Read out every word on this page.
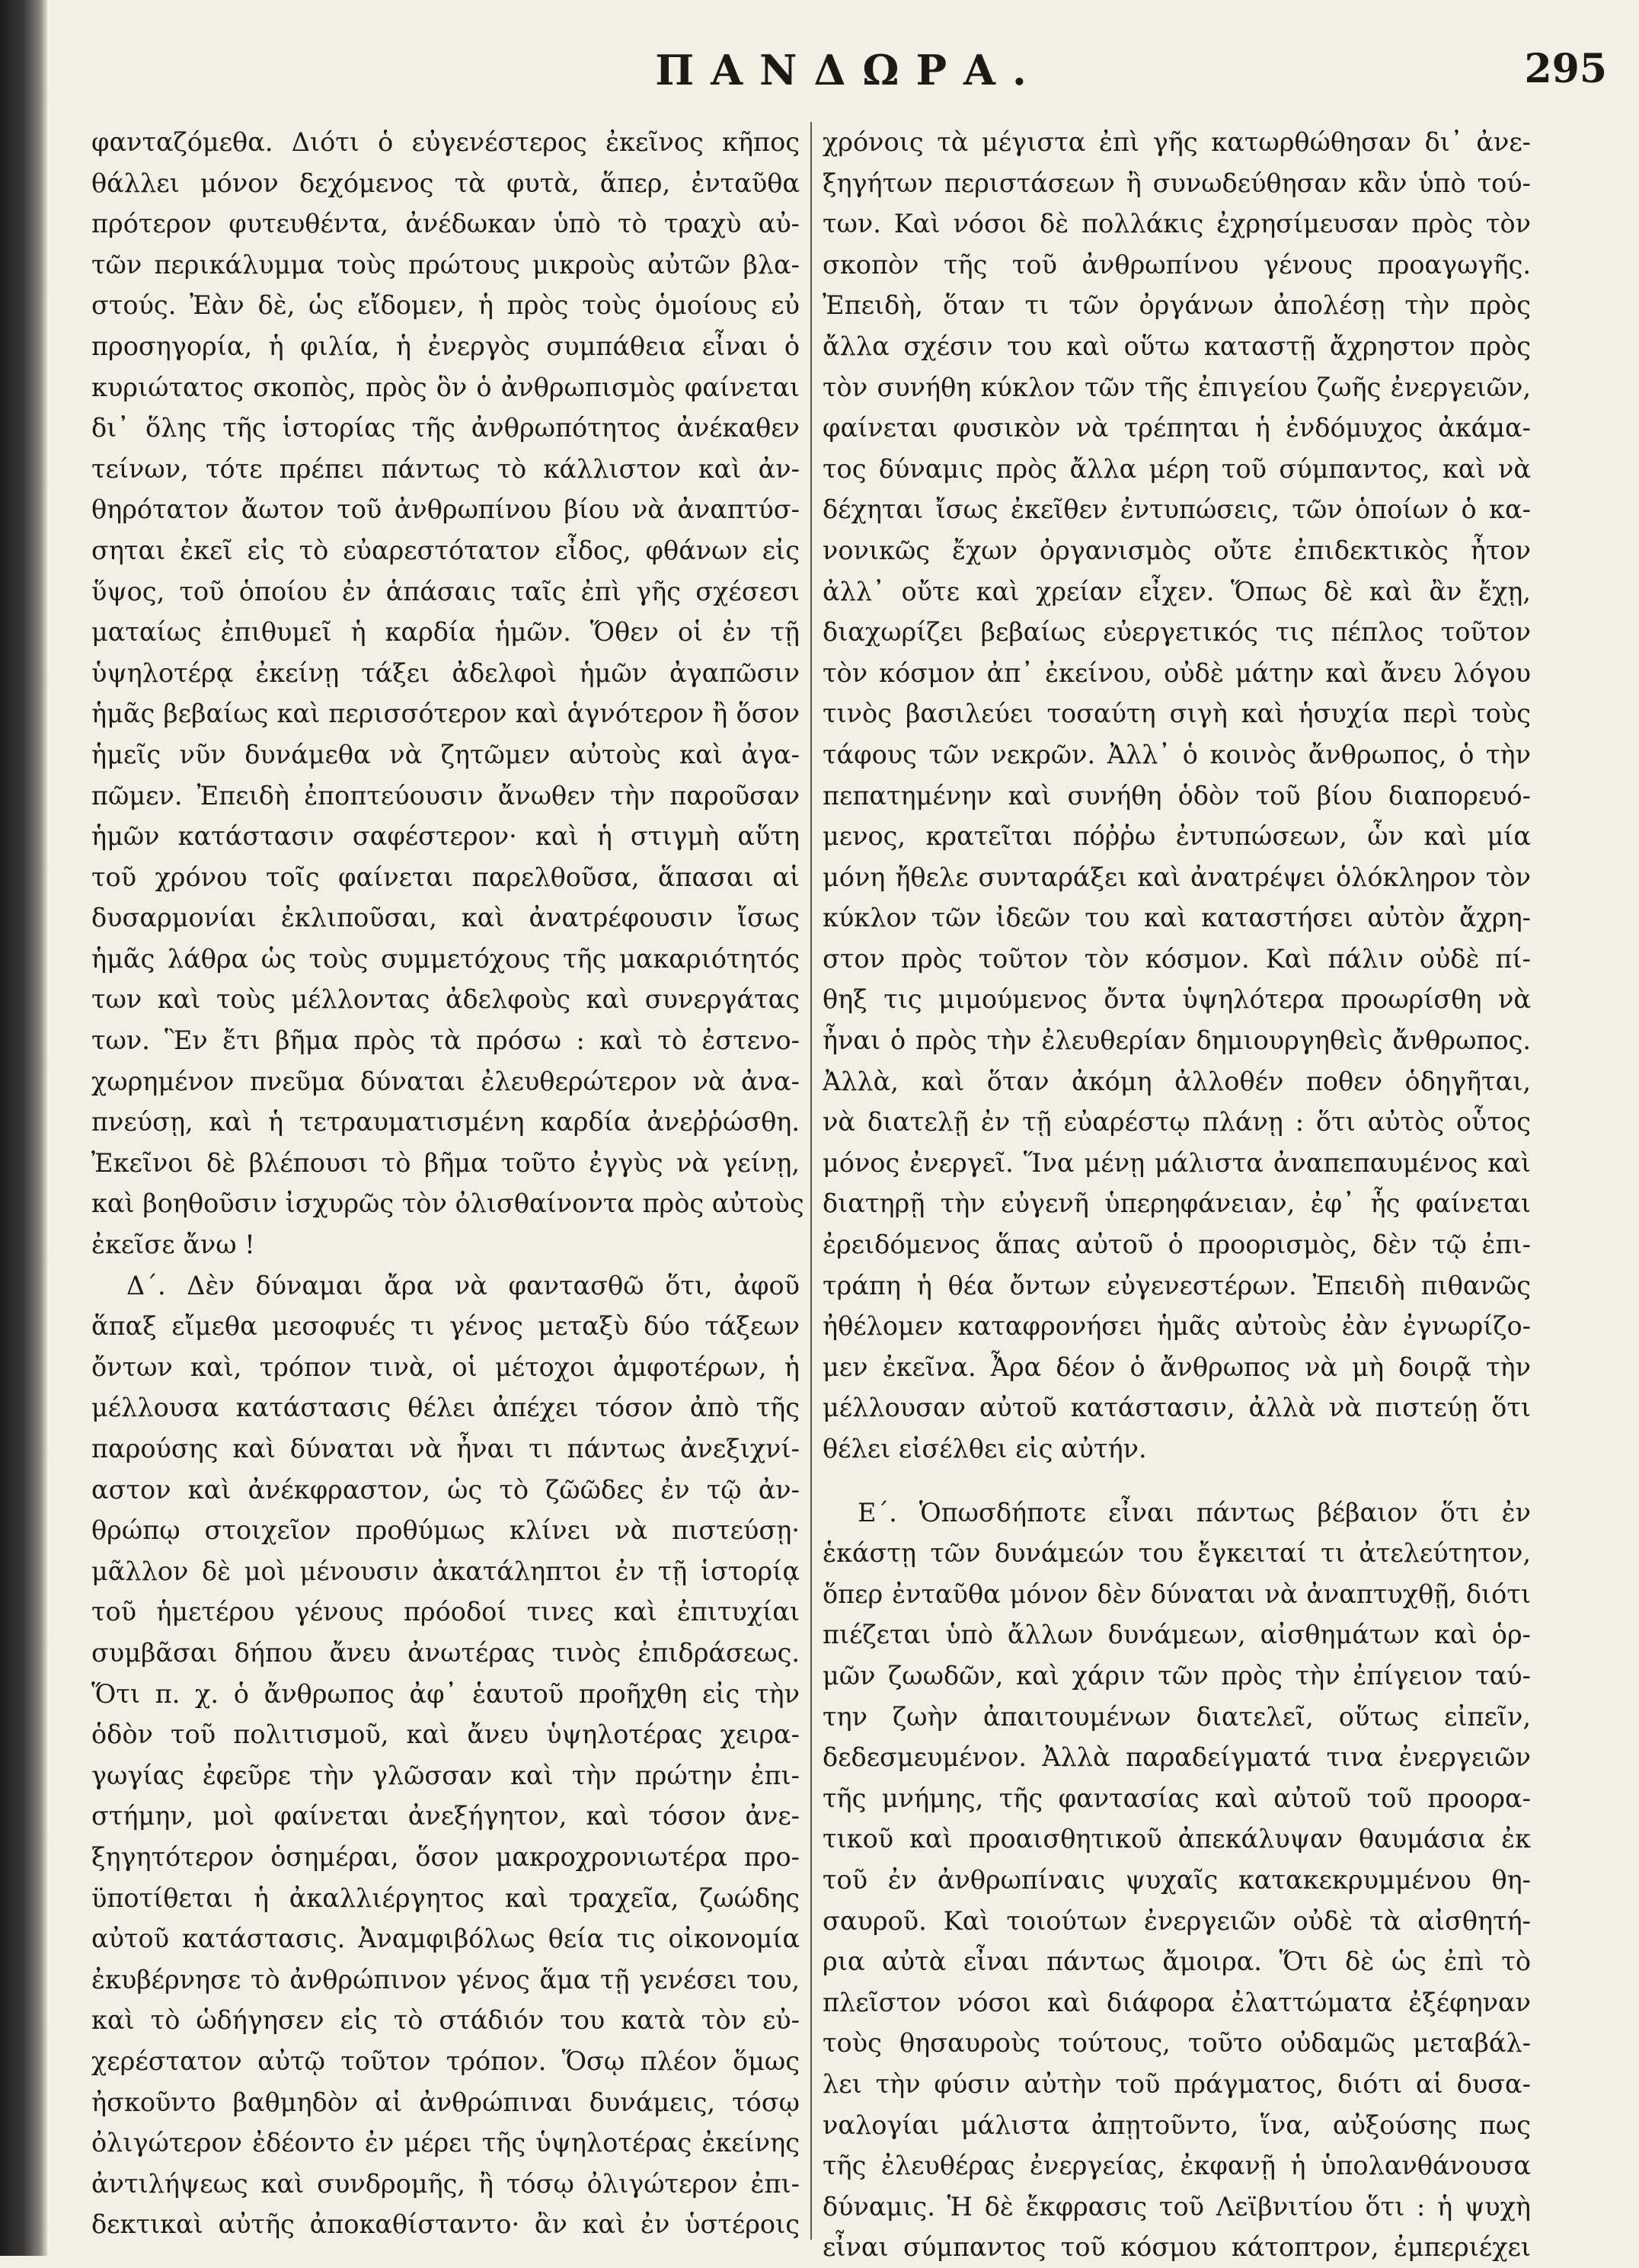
ΠΑΝΔΩΡΑ.	295
φανταζόμεθα. Διότι ὁ εὐγενέστερος ἐκεῖνος κῆπος
θάλλει μόνον δεχόμενος τὰ φυτὰ, ἅπερ, ἐνταῦθα
πρότερον φυτευθέντα, ἀνέδωκαν ὑπὸ τὸ τραχὺ αὐ-
τῶν περικάλυμμα τοὺς πρώτους μικροὺς αὐτῶν βλα-
στούς. Ἐὰν δὲ, ὡς εἴδομεν, ἡ πρὸς τοὺς ὁμοίους εὐ
προσηγορία, ἡ φιλία, ἡ ἐνεργὸς συμπάθεια εἶναι ὁ
κυριώτατος σκοπὸς, πρὸς ὃν ὁ ἀνθρωπισμὸς φαίνεται
δι᾿ ὅλης τῆς ἱστορίας τῆς ἀνθρωπότητος ἀνέκαθεν
τείνων, τότε πρέπει πάντως τὸ κάλλιστον καὶ ἀν-
θηρότατον ἄωτον τοῦ ἀνθρωπίνου βίου νὰ ἀναπτύσ-
σηται ἐκεῖ εἰς τὸ εὐαρεστότατον εἶδος, φθάνων εἰς
ὕψος, τοῦ ὁποίου ἐν ἁπάσαις ταῖς ἐπὶ γῆς σχέσεσι
ματαίως ἐπιθυμεῖ ἡ καρδία ἡμῶν. Ὅθεν οἱ ἐν τῇ
ὑψηλοτέρᾳ ἐκείνῃ τάξει ἀδελφοὶ ἡμῶν ἀγαπῶσιν
ἡμᾶς βεβαίως καὶ περισσότερον καὶ ἁγνότερον ἢ ὅσον
ἡμεῖς νῦν δυνάμεθα νὰ ζητῶμεν αὐτοὺς καὶ ἀγα-
πῶμεν. Ἐπειδὴ ἐποπτεύουσιν ἄνωθεν τὴν παροῦσαν
ἡμῶν κατάστασιν σαφέστερον· καὶ ἡ στιγμὴ αὕτη
τοῦ χρόνου τοῖς φαίνεται παρελθοῦσα, ἅπασαι αἱ
δυσαρμονίαι ἐκλιποῦσαι, καὶ ἀνατρέφουσιν ἴσως
ἡμᾶς λάθρα ὡς τοὺς συμμετόχους τῆς μακαριότητός
των καὶ τοὺς μέλλοντας ἀδελφοὺς καὶ συνεργάτας
των. Ἓν ἔτι βῆμα πρὸς τὰ πρόσω : καὶ τὸ ἐστενο-
χωρημένον πνεῦμα δύναται ἐλευθερώτερον νὰ ἀνα-
πνεύσῃ, καὶ ἡ τετραυματισμένη καρδία ἀνεῤῥώσθη.
Ἐκεῖνοι δὲ βλέπουσι τὸ βῆμα τοῦτο ἐγγὺς νὰ γείνῃ,
καὶ βοηθοῦσιν ἰσχυρῶς τὸν ὀλισθαίνοντα πρὸς αὐτοὺς
ἐκεῖσε ἄνω !
Δ΄. Δὲν δύναμαι ἄρα νὰ φαντασθῶ ὅτι, ἀφοῦ
ἅπαξ εἴμεθα μεσοφυές τι γένος μεταξὺ δύο τάξεων
ὄντων καὶ, τρόπον τινὰ, οἱ μέτοχοι ἀμφοτέρων, ἡ
μέλλουσα κατάστασις θέλει ἀπέχει τόσον ἀπὸ τῆς
παρούσης καὶ δύναται νὰ ἦναι τι πάντως ἀνεξιχνί-
αστον καὶ ἀνέκφραστον, ὡς τὸ ζῶῶδες ἐν τῷ ἀν-
θρώπῳ στοιχεῖον προθύμως κλίνει νὰ πιστεύσῃ·
μᾶλλον δὲ μοὶ μένουσιν ἀκατάληπτοι ἐν τῇ ἱστορίᾳ
τοῦ ἡμετέρου γένους πρόοδοί τινες καὶ ἐπιτυχίαι
συμβᾶσαι δήπου ἄνευ ἀνωτέρας τινὸς ἐπιδράσεως.
Ὅτι π. χ. ὁ ἄνθρωπος ἀφ᾿ ἑαυτοῦ προῆχθη εἰς τὴν
ὁδὸν τοῦ πολιτισμοῦ, καὶ ἄνευ ὑψηλοτέρας χειρα-
γωγίας ἐφεῦρε τὴν γλῶσσαν καὶ τὴν πρώτην ἐπι-
στήμην, μοὶ φαίνεται ἀνεξήγητον, καὶ τόσον ἀνε-
ξηγητότερον ὁσημέραι, ὅσον μακροχρονιωτέρα προ-
ϋποτίθεται ἡ ἀκαλλιέργητος καὶ τραχεῖα, ζωώδης
αὐτοῦ κατάστασις. Ἀναμφιβόλως θεία τις οἰκονομία
ἐκυβέρνησε τὸ ἀνθρώπινον γένος ἅμα τῇ γενέσει του,
καὶ τὸ ὡδήγησεν εἰς τὸ στάδιόν του κατὰ τὸν εὐ-
χερέστατον αὐτῷ τοῦτον τρόπον. Ὅσῳ πλέον ὅμως
ἠσκοῦντο βαθμηδὸν αἱ ἀνθρώπιναι δυνάμεις, τόσῳ
ὀλιγώτερον ἐδέοντο ἐν μέρει τῆς ὑψηλοτέρας ἐκείνης
ἀντιλήψεως καὶ συνδρομῆς, ἢ τόσῳ ὀλιγώτερον ἐπι-
δεκτικαὶ αὐτῆς ἀποκαθίσταντο· ἂν καὶ ἐν ὑστέροις
χρόνοις τὰ μέγιστα ἐπὶ γῆς κατωρθώθησαν δι᾿ ἀνε-
ξηγήτων περιστάσεων ἢ συνωδεύθησαν κἂν ὑπὸ τού-
των. Καὶ νόσοι δὲ πολλάκις ἐχρησίμευσαν πρὸς τὸν
σκοπὸν τῆς τοῦ ἀνθρωπίνου γένους προαγωγῆς.
Ἐπειδὴ, ὅταν τι τῶν ὀργάνων ἀπολέσῃ τὴν πρὸς
ἄλλα σχέσιν του καὶ οὕτω καταστῇ ἄχρηστον πρὸς
τὸν συνήθη κύκλον τῶν τῆς ἐπιγείου ζωῆς ἐνεργειῶν,
φαίνεται φυσικὸν νὰ τρέπηται ἡ ἐνδόμυχος ἀκάμα-
τος δύναμις πρὸς ἄλλα μέρη τοῦ σύμπαντος, καὶ νὰ
δέχηται ἴσως ἐκεῖθεν ἐντυπώσεις, τῶν ὁποίων ὁ κα-
νονικῶς ἔχων ὀργανισμὸς οὔτε ἐπιδεκτικὸς ἦτον
ἀλλ᾿ οὔτε καὶ χρείαν εἶχεν. Ὅπως δὲ καὶ ἂν ἔχῃ,
διαχωρίζει βεβαίως εὐεργετικός τις πέπλος τοῦτον
τὸν κόσμον ἀπ᾿ ἐκείνου, οὐδὲ μάτην καὶ ἄνευ λόγου
τινὸς βασιλεύει τοσαύτη σιγὴ καὶ ἡσυχία περὶ τοὺς
τάφους τῶν νεκρῶν. Ἀλλ᾿ ὁ κοινὸς ἄνθρωπος, ὁ τὴν
πεπατημένην καὶ συνήθη ὁδὸν τοῦ βίου διαπορευό-
μενος, κρατεῖται πόῤῥω ἐντυπώσεων, ὧν καὶ μία
μόνη ἤθελε συνταράξει καὶ ἀνατρέψει ὁλόκληρον τὸν
κύκλον τῶν ἰδεῶν του καὶ καταστήσει αὐτὸν ἄχρη-
στον πρὸς τοῦτον τὸν κόσμον. Καὶ πάλιν οὐδὲ πί-
θηξ τις μιμούμενος ὄντα ὑψηλότερα προωρίσθη νὰ
ἦναι ὁ πρὸς τὴν ἐλευθερίαν δημιουργηθεὶς ἄνθρωπος.
Ἀλλὰ, καὶ ὅταν ἀκόμη ἀλλοθέν ποθεν ὁδηγῆται,
νὰ διατελῇ ἐν τῇ εὐαρέστῳ πλάνῃ : ὅτι αὐτὸς οὗτος
μόνος ἐνεργεῖ. Ἵνα μένῃ μάλιστα ἀναπεπαυμένος καὶ
διατηρῇ τὴν εὐγενῆ ὑπερηφάνειαν, ἐφ᾿ ἧς φαίνεται
ἐρειδόμενος ἅπας αὐτοῦ ὁ προορισμὸς, δὲν τῷ ἐπι-
τράπη ἡ θέα ὄντων εὐγενεστέρων. Ἐπειδὴ πιθανῶς
ἠθέλομεν καταφρονήσει ἡμᾶς αὐτοὺς ἐὰν ἐγνωρίζο-
μεν ἐκεῖνα. Ἆρα δέον ὁ ἄνθρωπος νὰ μὴ δοιρᾷ τὴν
μέλλουσαν αὐτοῦ κατάστασιν, ἀλλὰ νὰ πιστεύῃ ὅτι
θέλει εἰσέλθει εἰς αὐτήν.
Ε΄. Ὁπωσδήποτε εἶναι πάντως βέβαιον ὅτι ἐν
ἑκάστῃ τῶν δυνάμεών του ἔγκειταί τι ἀτελεύτητον,
ὅπερ ἐνταῦθα μόνον δὲν δύναται νὰ ἀναπτυχθῇ, διότι
πιέζεται ὑπὸ ἄλλων δυνάμεων, αἰσθημάτων καὶ ὁρ-
μῶν ζωωδῶν, καὶ χάριν τῶν πρὸς τὴν ἐπίγειον ταύ-
την ζωὴν ἀπαιτουμένων διατελεῖ, οὕτως εἰπεῖν,
δεδεσμευμένον. Ἀλλὰ παραδείγματά τινα ἐνεργειῶν
τῆς μνήμης, τῆς φαντασίας καὶ αὐτοῦ τοῦ προορα-
τικοῦ καὶ προαισθητικοῦ ἀπεκάλυψαν θαυμάσια ἐκ
τοῦ ἐν ἀνθρωπίναις ψυχαῖς κατακεκρυμμένου θη-
σαυροῦ. Καὶ τοιούτων ἐνεργειῶν οὐδὲ τὰ αἰσθητή-
ρια αὐτὰ εἶναι πάντως ἄμοιρα. Ὅτι δὲ ὡς ἐπὶ τὸ
πλεῖστον νόσοι καὶ διάφορα ἐλαττώματα ἐξέφηναν
τοὺς θησαυροὺς τούτους, τοῦτο οὐδαμῶς μεταβάλ-
λει τὴν φύσιν αὐτὴν τοῦ πράγματος, διότι αἱ δυσα-
ναλογίαι μάλιστα ἀπῃτοῦντο, ἵνα, αὐξούσης πως
τῆς ἐλευθέρας ἐνεργείας, ἐκφανῇ ἡ ὑπολανθάνουσα
δύναμις. Ἡ δὲ ἔκφρασις τοῦ Λεϊβνιτίου ὅτι : ἡ ψυχὴ
εἶναι σύμπαντος τοῦ κόσμου κάτοπτρον, ἐμπεριέχει
